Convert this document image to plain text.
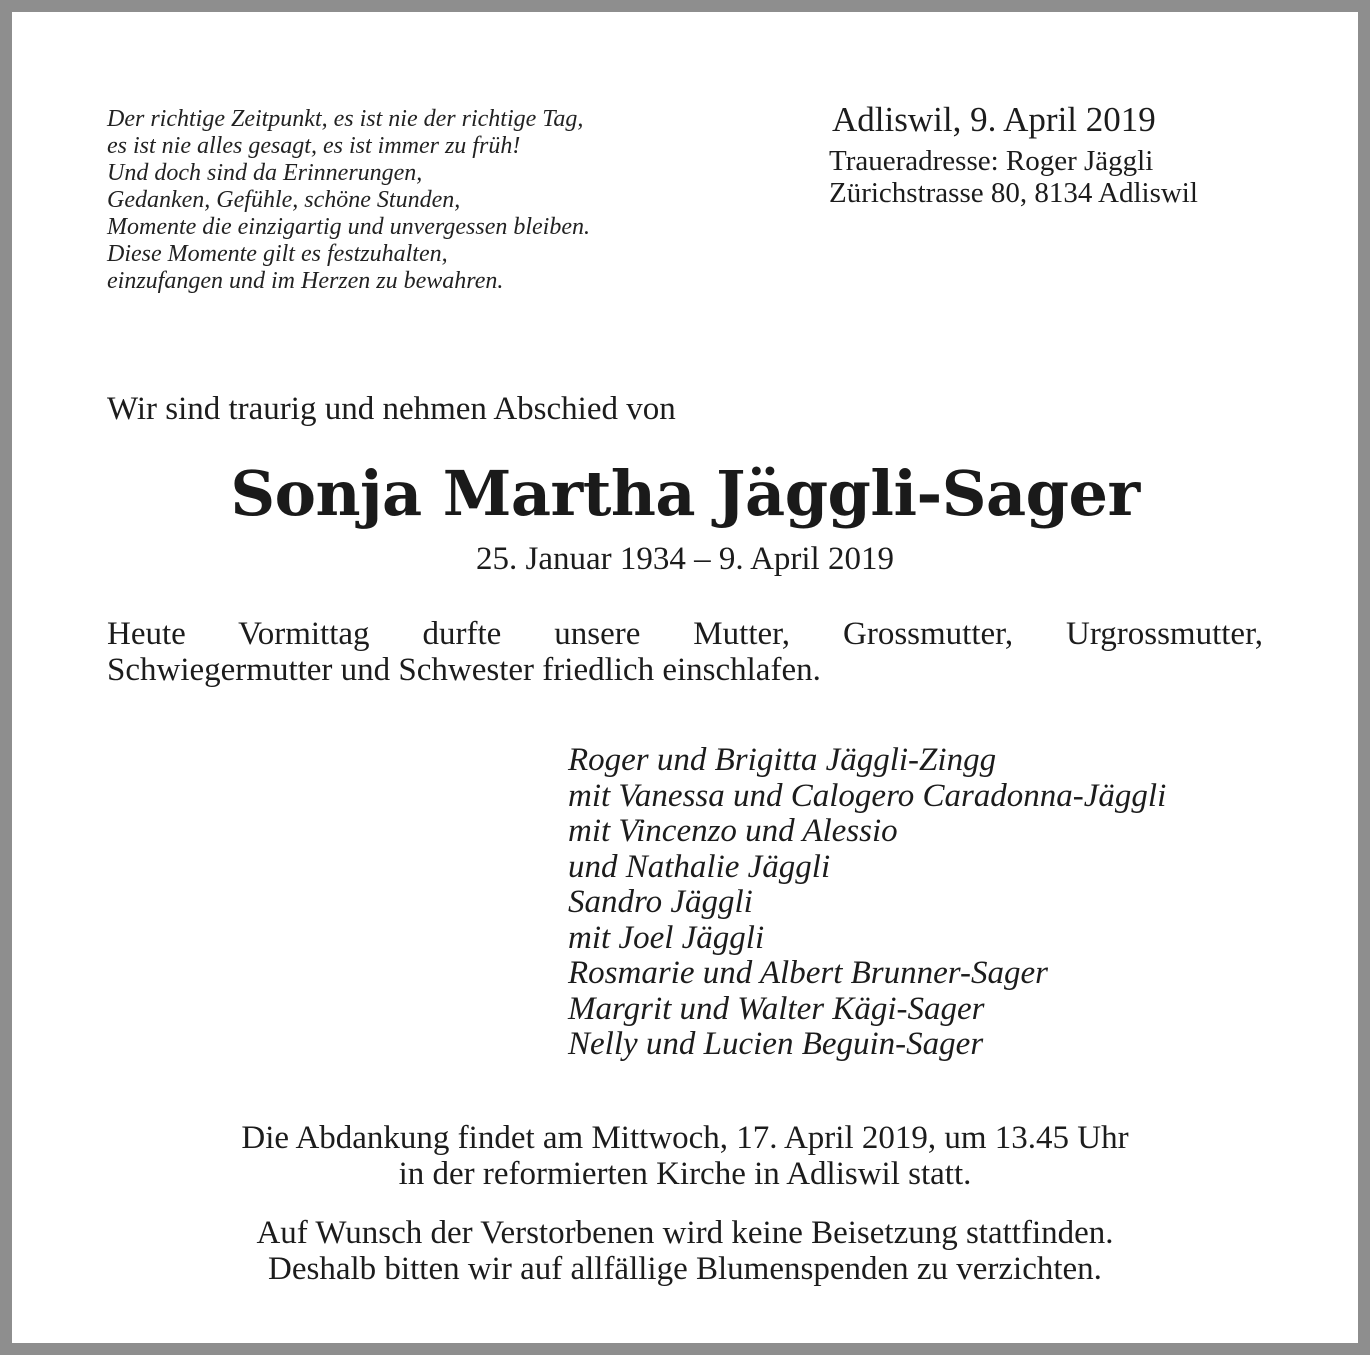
Der richtige Zeitpunkt, es ist nie der richtige Tag,
es ist nie alles gesagt, es ist immer zu früh!
Und doch sind da Erinnerungen,
Gedanken, Gefühle, schöne Stunden,
Momente die einzigartig und unvergessen bleiben.
Diese Momente gilt es festzuhalten,
einzufangen und im Herzen zu bewahren.
Adliswil, 9. April 2019
Traueradresse: Roger Jäggli
Zürichstrasse 80, 8134 Adliswil
Wir sind traurig und nehmen Abschied von
Sonja Martha Jäggli-Sager
25. Januar 1934 – 9. April 2019
Heute Vormittag durfte unsere Mutter, Grossmutter, Urgrossmutter,
Schwiegermutter und Schwester friedlich einschlafen.
Roger und Brigitta Jäggli-Zingg
mit Vanessa und Calogero Caradonna-Jäggli
mit Vincenzo und Alessio
und Nathalie Jäggli
Sandro Jäggli
mit Joel Jäggli
Rosmarie und Albert Brunner-Sager
Margrit und Walter Kägi-Sager
Nelly und Lucien Beguin-Sager
Die Abdankung findet am Mittwoch, 17. April 2019, um 13.45 Uhr
in der reformierten Kirche in Adliswil statt.
Auf Wunsch der Verstorbenen wird keine Beisetzung stattfinden.
Deshalb bitten wir auf allfällige Blumenspenden zu verzichten.
